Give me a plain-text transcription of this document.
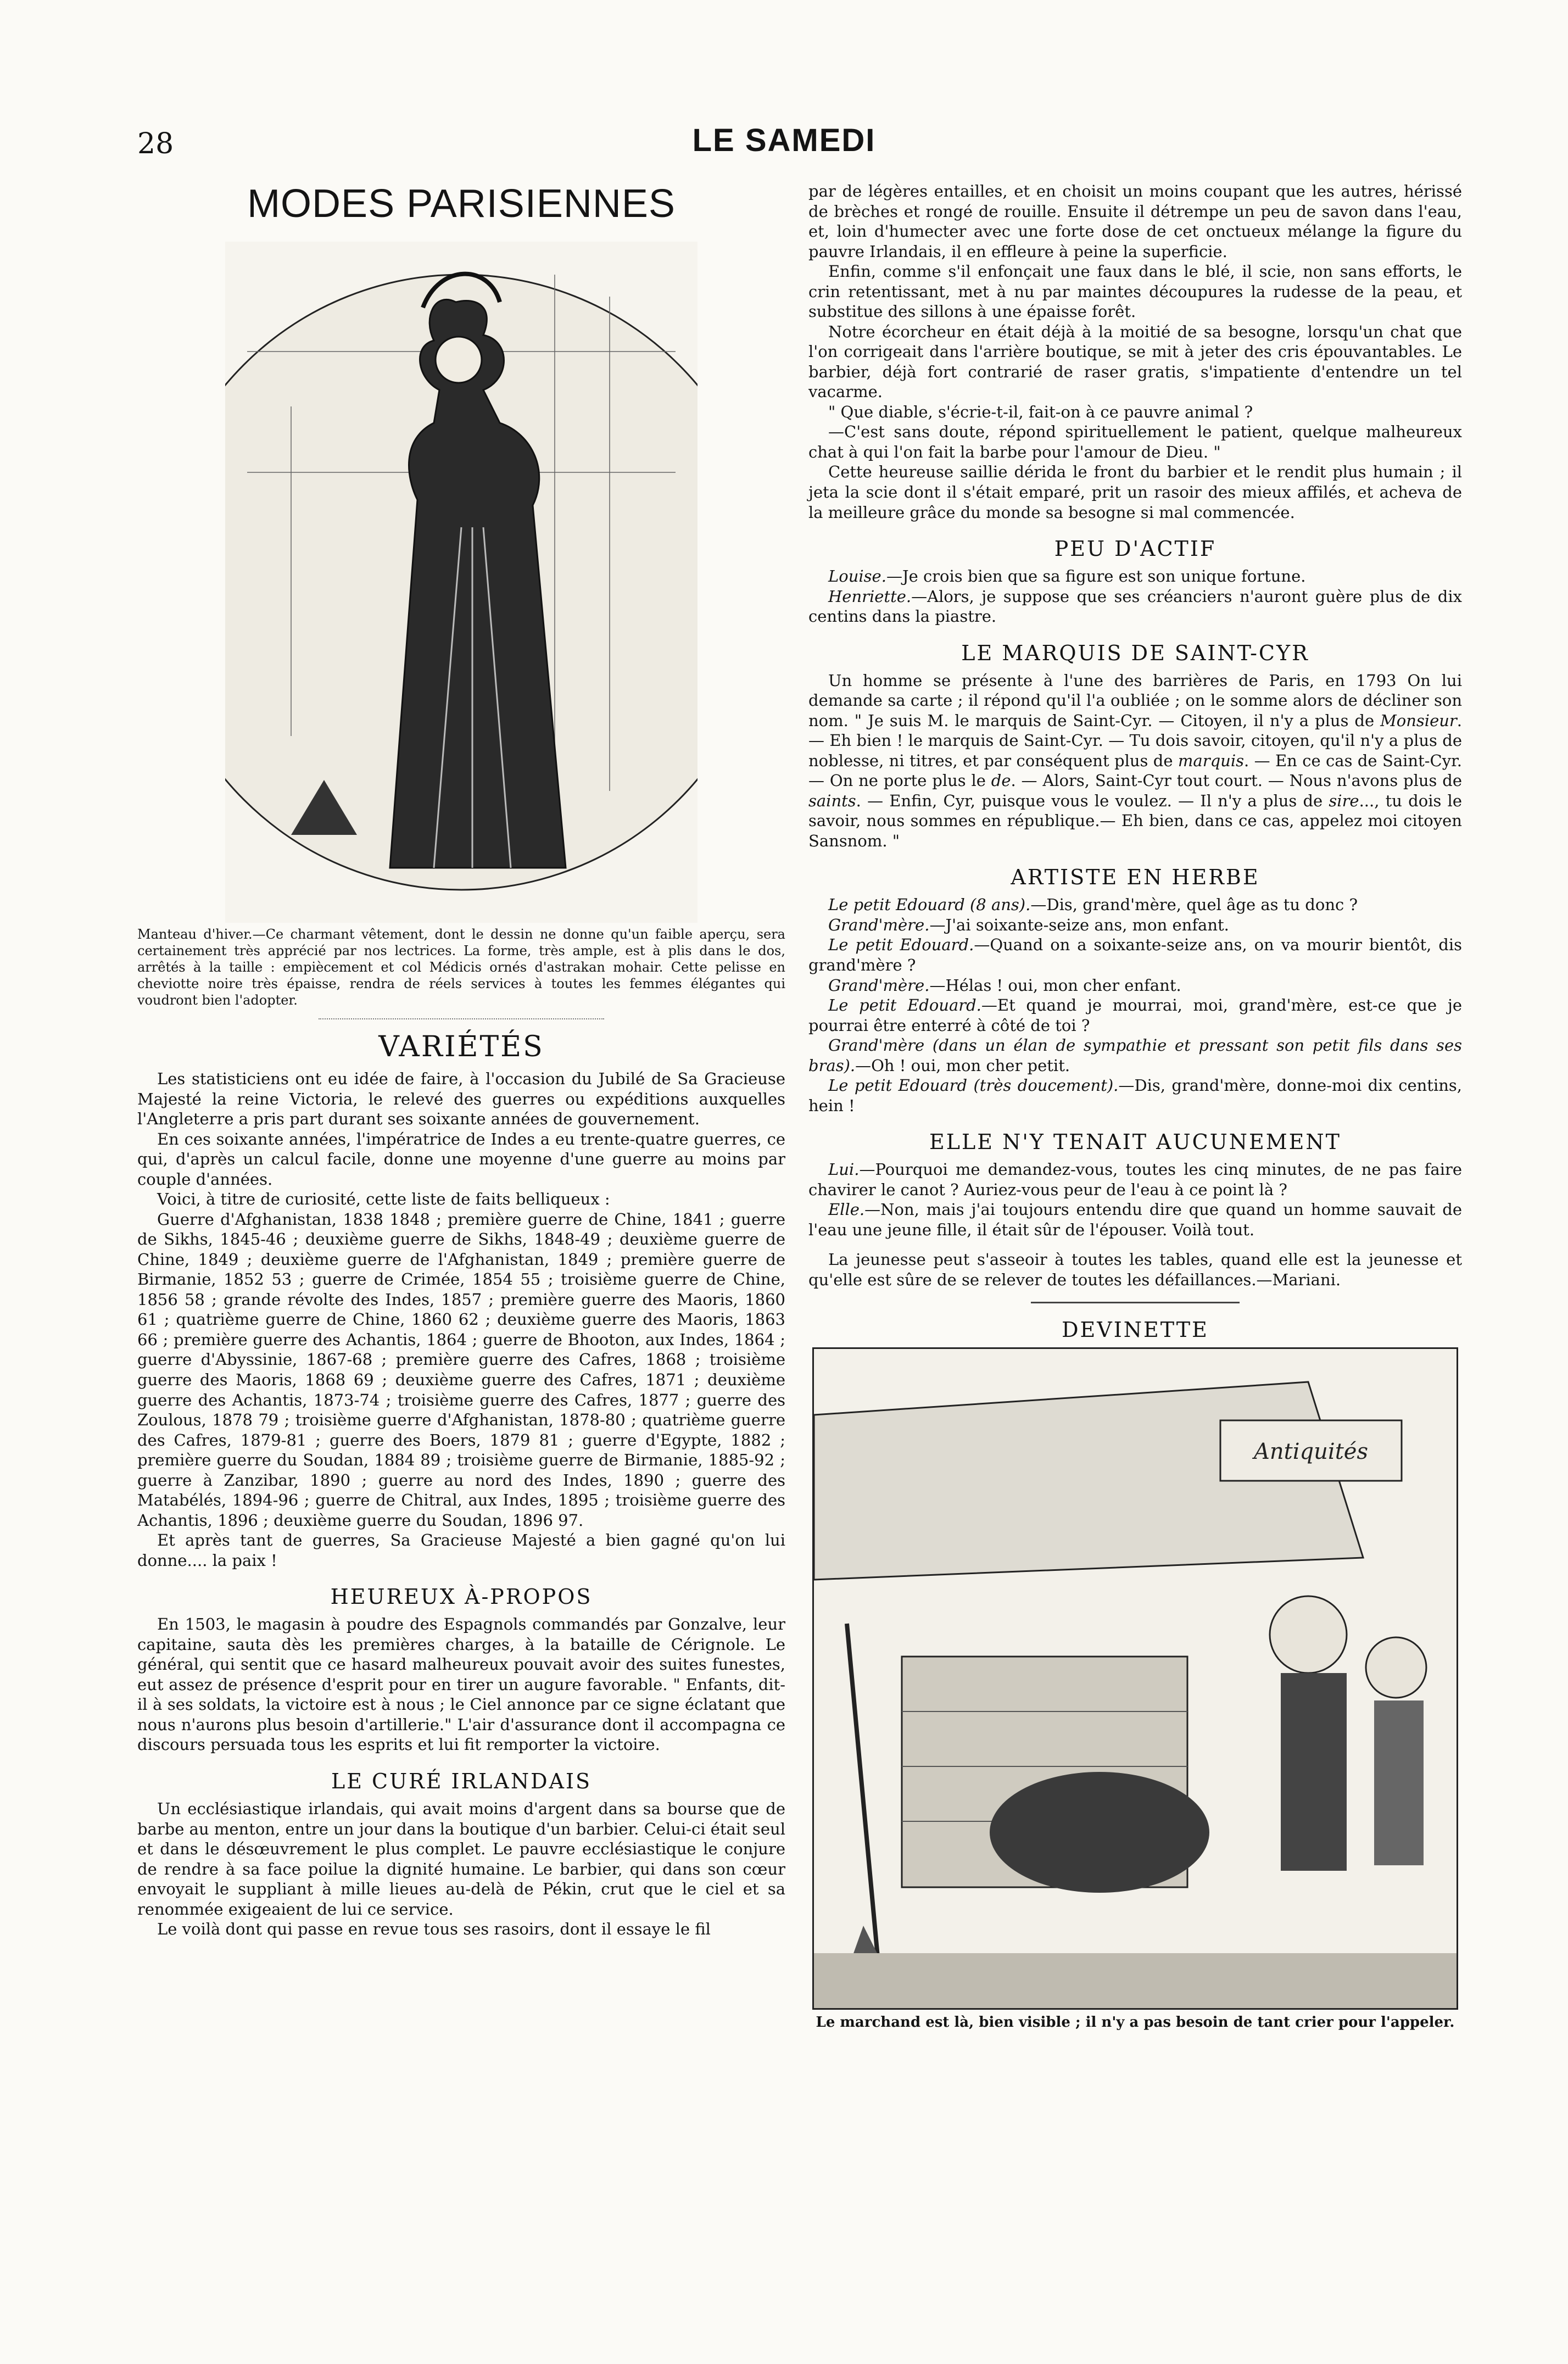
28	LE SAMEDI
MODES PARISIENNES
Manteau d'hiver.—Ce charmant vêtement, dont le dessin ne donne qu'un faible aperçu, sera certainement très apprécié par nos lectrices. La forme, très ample, est à plis dans le dos, arrêtés à la taille : empiècement et col Médicis ornés d'astrakan mohair. Cette pelisse en cheviotte noire très épaisse, rendra de réels services à toutes les femmes élégantes qui voudront bien l'adopter.
VARIÉTÉS

Les statisticiens ont eu idée de faire, à l'occasion du Jubilé de Sa Gracieuse Majesté la reine Victoria, le relevé des guerres ou expéditions auxquelles l'Angleterre a pris part durant ses soixante années de gouvernement.

En ces soixante années, l'impératrice de Indes a eu trente-quatre guerres, ce qui, d'après un calcul facile, donne une moyenne d'une guerre au moins par couple d'années.

Voici, à titre de curiosité, cette liste de faits belliqueux :

Guerre d'Afghanistan, 1838 1848 ; première guerre de Chine, 1841 ; guerre de Sikhs, 1845-46 ; deuxième guerre de Sikhs, 1848-49 ; deuxième guerre de Chine, 1849 ; deuxième guerre de l'Afghanistan, 1849 ; première guerre de Birmanie, 1852 53 ; guerre de Crimée, 1854 55 ; troisième guerre de Chine, 1856 58 ; grande révolte des Indes, 1857 ; première guerre des Maoris, 1860 61 ; quatrième guerre de Chine, 1860 62 ; deuxième guerre des Maoris, 1863 66 ; première guerre des Achantis, 1864 ; guerre de Bhooton, aux Indes, 1864 ; guerre d'Abyssinie, 1867-68 ; première guerre des Cafres, 1868 ; troisième guerre des Maoris, 1868 69 ; deuxième guerre des Cafres, 1871 ; deuxième guerre des Achantis, 1873-74 ; troisième guerre des Cafres, 1877 ; guerre des Zoulous, 1878 79 ; troisième guerre d'Afghanistan, 1878-80 ; quatrième guerre des Cafres, 1879-81 ; guerre des Boers, 1879 81 ; guerre d'Egypte, 1882 ; première guerre du Soudan, 1884 89 ; troisième guerre de Birmanie, 1885-92 ; guerre à Zanzibar, 1890 ; guerre au nord des Indes, 1890 ; guerre des Matabélés, 1894-96 ; guerre de Chitral, aux Indes, 1895 ; troisième guerre des Achantis, 1896 ; deuxième guerre du Soudan, 1896 97.

Et après tant de guerres, Sa Gracieuse Majesté a bien gagné qu'on lui donne.... la paix !

HEUREUX À-PROPOS

En 1503, le magasin à poudre des Espagnols commandés par Gonzalve, leur capitaine, sauta dès les premières charges, à la bataille de Cérignole. Le général, qui sentit que ce hasard malheureux pouvait avoir des suites funestes, eut assez de présence d'esprit pour en tirer un augure favorable. " Enfants, dit-il à ses soldats, la victoire est à nous ; le Ciel annonce par ce signe éclatant que nous n'aurons plus besoin d'artillerie." L'air d'assurance dont il accompagna ce discours persuada tous les esprits et lui fit remporter la victoire.

LE CURÉ IRLANDAIS

Un ecclésiastique irlandais, qui avait moins d'argent dans sa bourse que de barbe au menton, entre un jour dans la boutique d'un barbier. Celui-ci était seul et dans le désœuvrement le plus complet. Le pauvre ecclésiastique le conjure de rendre à sa face poilue la dignité humaine. Le barbier, qui dans son cœur envoyait le suppliant à mille lieues au-delà de Pékin, crut que le ciel et sa renommée exigeaient de lui ce service.

Le voilà dont qui passe en revue tous ses rasoirs, dont il essaye le fil

par de légères entailles, et en choisit un moins coupant que les autres, hérissé de brèches et rongé de rouille. Ensuite il détrempe un peu de savon dans l'eau, et, loin d'humecter avec une forte dose de cet onctueux mélange la figure du pauvre Irlandais, il en effleure à peine la superficie.

Enfin, comme s'il enfonçait une faux dans le blé, il scie, non sans efforts, le crin retentissant, met à nu par maintes découpures la rudesse de la peau, et substitue des sillons à une épaisse forêt.

Notre écorcheur en était déjà à la moitié de sa besogne, lorsqu'un chat que l'on corrigeait dans l'arrière boutique, se mit à jeter des cris épouvantables. Le barbier, déjà fort contrarié de raser gratis, s'impatiente d'entendre un tel vacarme.

" Que diable, s'écrie-t-il, fait-on à ce pauvre animal ?

—C'est sans doute, répond spirituellement le patient, quelque malheureux chat à qui l'on fait la barbe pour l'amour de Dieu. "

Cette heureuse saillie dérida le front du barbier et le rendit plus humain ; il jeta la scie dont il s'était emparé, prit un rasoir des mieux affilés, et acheva de la meilleure grâce du monde sa besogne si mal commencée.

PEU D'ACTIF

Louise.—Je crois bien que sa figure est son unique fortune.

Henriette.—Alors, je suppose que ses créanciers n'auront guère plus de dix centins dans la piastre.

LE MARQUIS DE SAINT-CYR

Un homme se présente à l'une des barrières de Paris, en 1793 On lui demande sa carte ; il répond qu'il l'a oubliée ; on le somme alors de décliner son nom. " Je suis M. le marquis de Saint-Cyr. — Citoyen, il n'y a plus de Monsieur. — Eh bien ! le marquis de Saint-Cyr. — Tu dois savoir, citoyen, qu'il n'y a plus de noblesse, ni titres, et par conséquent plus de marquis. — En ce cas de Saint-Cyr. — On ne porte plus le de. — Alors, Saint-Cyr tout court. — Nous n'avons plus de saints. — Enfin, Cyr, puisque vous le voulez. — Il n'y a plus de sire..., tu dois le savoir, nous sommes en république.— Eh bien, dans ce cas, appelez moi citoyen Sansnom. "

ARTISTE EN HERBE

Le petit Edouard (8 ans).—Dis, grand'mère, quel âge as tu donc ?

Grand'mère.—J'ai soixante-seize ans, mon enfant.

Le petit Edouard.—Quand on a soixante-seize ans, on va mourir bientôt, dis grand'mère ?

Grand'mère.—Hélas ! oui, mon cher enfant.

Le petit Edouard.—Et quand je mourrai, moi, grand'mère, est-ce que je pourrai être enterré à côté de toi ?

Grand'mère (dans un élan de sympathie et pressant son petit fils dans ses bras).—Oh ! oui, mon cher petit.

Le petit Edouard (très doucement).—Dis, grand'mère, donne-moi dix centins, hein !

ELLE N'Y TENAIT AUCUNEMENT

Lui.—Pourquoi me demandez-vous, toutes les cinq minutes, de ne pas faire chavirer le canot ? Auriez-vous peur de l'eau à ce point là ?

Elle.—Non, mais j'ai toujours entendu dire que quand un homme sauvait de l'eau une jeune fille, il était sûr de l'épouser. Voilà tout.

La jeunesse peut s'asseoir à toutes les tables, quand elle est la jeunesse et qu'elle est sûre de se relever de toutes les défaillances.—Mariani.

DEVINETTE
Antiquités
Le marchand est là, bien visible ; il n'y a pas besoin de tant crier pour l'appeler.
